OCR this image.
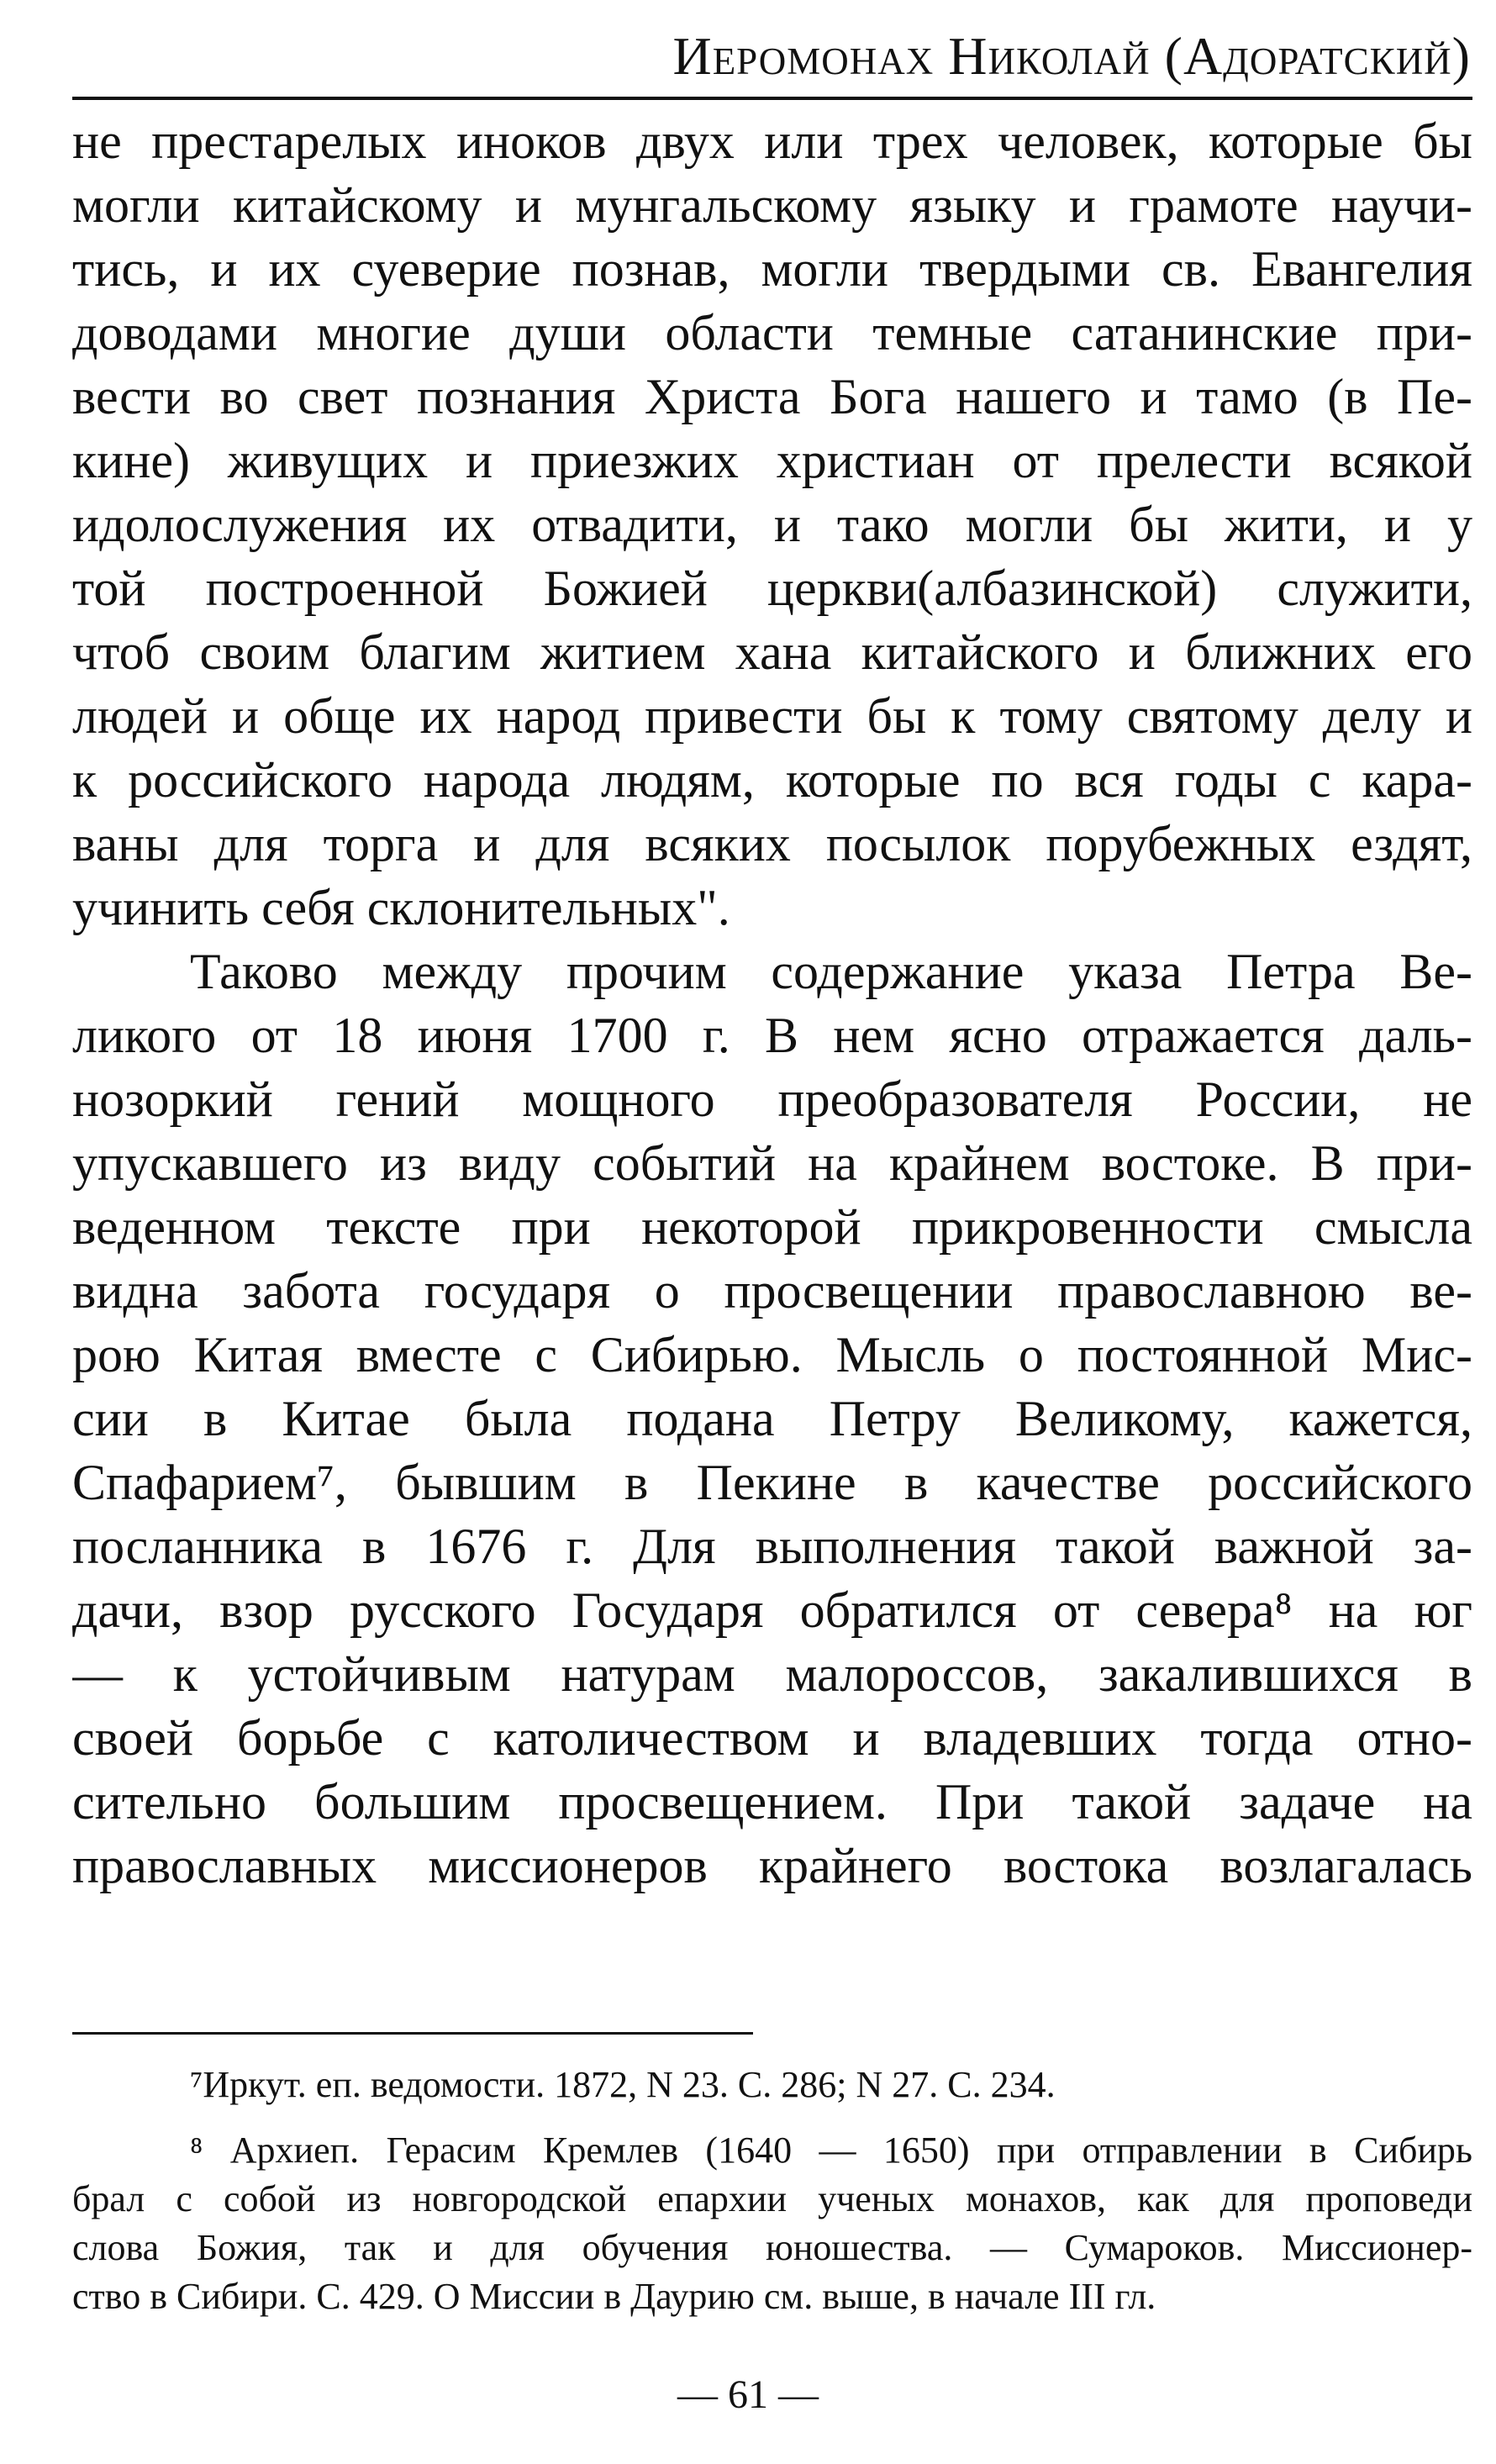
Иеромонах Николай (Адоратский)
не престарелых иноков двух или трех человек, которые бы
могли китайскому и мунгальскому языку и грамоте научи-
тись, и их суеверие познав, могли твердыми св. Евангелия
доводами многие души области темные сатанинские при-
вести во свет познания Христа Бога нашего и тамо (в Пе-
кине) живущих и приезжих христиан от прелести всякой
идолослужения их отвадити, и тако могли бы жити, и у
той построенной Божией церкви(албазинской) служити,
чтоб своим благим житием хана китайского и ближних его
людей и обще их народ привести бы к тому святому делу и
к российского народа людям, которые по вся годы с кара-
ваны для торга и для всяких посылок порубежных ездят,
учинить себя склонительных".
Таково между прочим содержание указа Петра Ве-
ликого от 18 июня 1700 г. В нем ясно отражается даль-
нозоркий гений мощного преобразователя России, не
упускавшего из виду событий на крайнем востоке. В при-
веденном тексте при некоторой прикровенности смысла
видна забота государя о просвещении православною ве-
рою Китая вместе с Сибирью. Мысль о постоянной Мис-
сии в Китае была подана Петру Великому, кажется,
Спафарием⁷, бывшим в Пекине в качестве российского
посланника в 1676 г. Для выполнения такой важной за-
дачи, взор русского Государя обратился от севера⁸ на юг
— к устойчивым натурам малороссов, закалившихся в
своей борьбе с католичеством и владевших тогда отно-
сительно большим просвещением. При такой задаче на
православных миссионеров крайнего востока возлагалась
⁷Иркут. еп. ведомости. 1872, N 23. С. 286; N 27. С. 234.
⁸ Архиеп. Герасим Кремлев (1640 — 1650) при отправлении в Сибирь
брал с собой из новгородской епархии ученых монахов, как для проповеди
слова Божия, так и для обучения юношества. — Сумароков. Миссионер-
ство в Сибири. С. 429. О Миссии в Даурию см. выше, в начале III гл.
— 61 —
